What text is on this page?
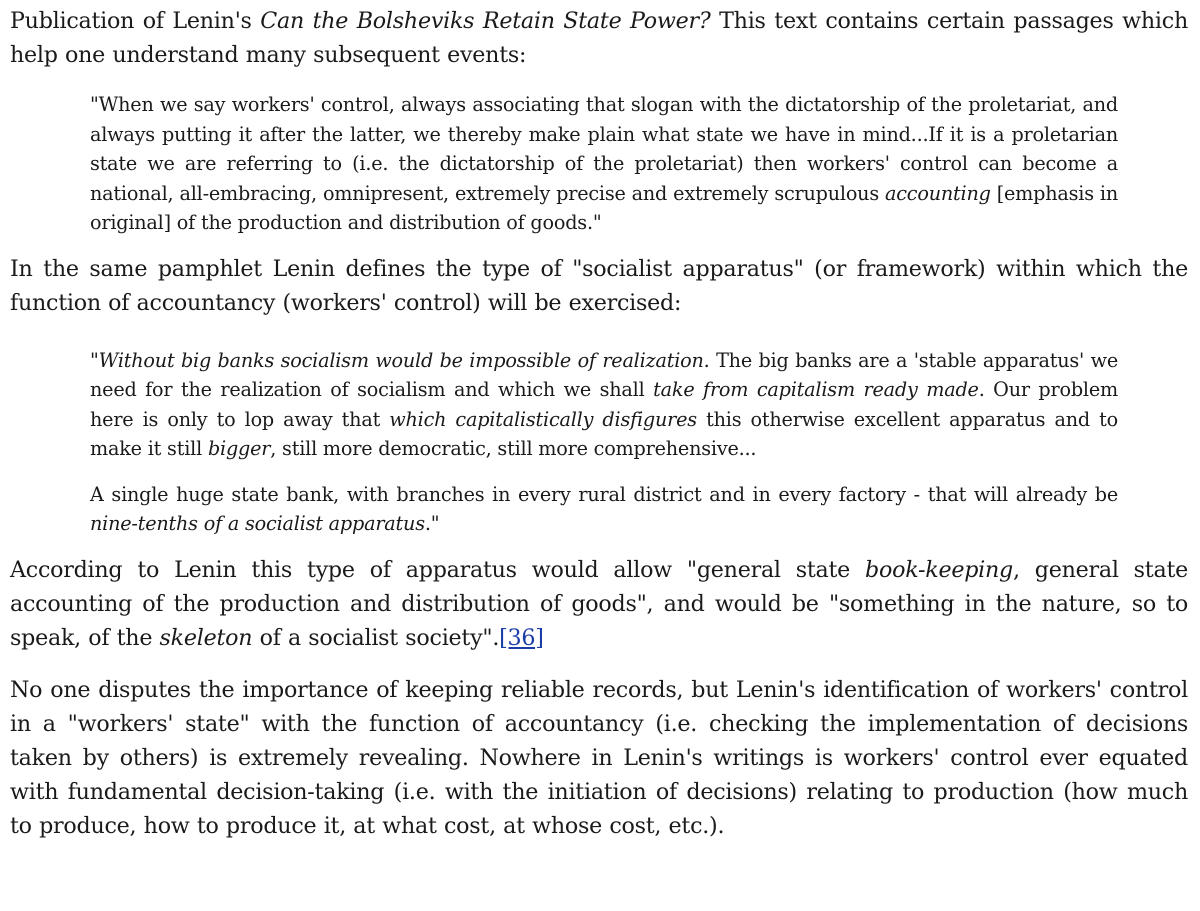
Publication of Lenin's Can the Bolsheviks Retain State Power? This text contains certain passages which help one understand many subsequent events:

"When we say workers' control, always associating that slogan with the dictatorship of the proletariat, and always putting it after the latter, we thereby make plain what state we have in mind...If it is a proletarian state we are referring to (i.e. the dictatorship of the proletariat) then workers' control can become a national, all-embracing, omnipresent, extremely precise and extremely scrupulous accounting [emphasis in original] of the production and distribution of goods."

In the same pamphlet Lenin defines the type of "socialist apparatus" (or framework) within which the function of accountancy (workers' control) will be exercised:

"Without big banks socialism would be impossible of realization. The big banks are a 'stable apparatus' we need for the realization of socialism and which we shall take from capitalism ready made. Our problem here is only to lop away that which capitalistically disfigures this otherwise excellent apparatus and to make it still bigger, still more democratic, still more comprehensive...

A single huge state bank, with branches in every rural district and in every factory - that will already be nine-tenths of a socialist apparatus."

According to Lenin this type of apparatus would allow "general state book-keeping, general state accounting of the production and distribution of goods", and would be "something in the nature, so to speak, of the skeleton of a socialist society".[36]

No one disputes the importance of keeping reliable records, but Lenin's identification of workers' control in a "workers' state" with the function of accountancy (i.e. checking the implementation of decisions taken by others) is extremely revealing. Nowhere in Lenin's writings is workers' control ever equated with fundamental decision-taking (i.e. with the initiation of decisions) relating to production (how much to produce, how to produce it, at what cost, at whose cost, etc.).
